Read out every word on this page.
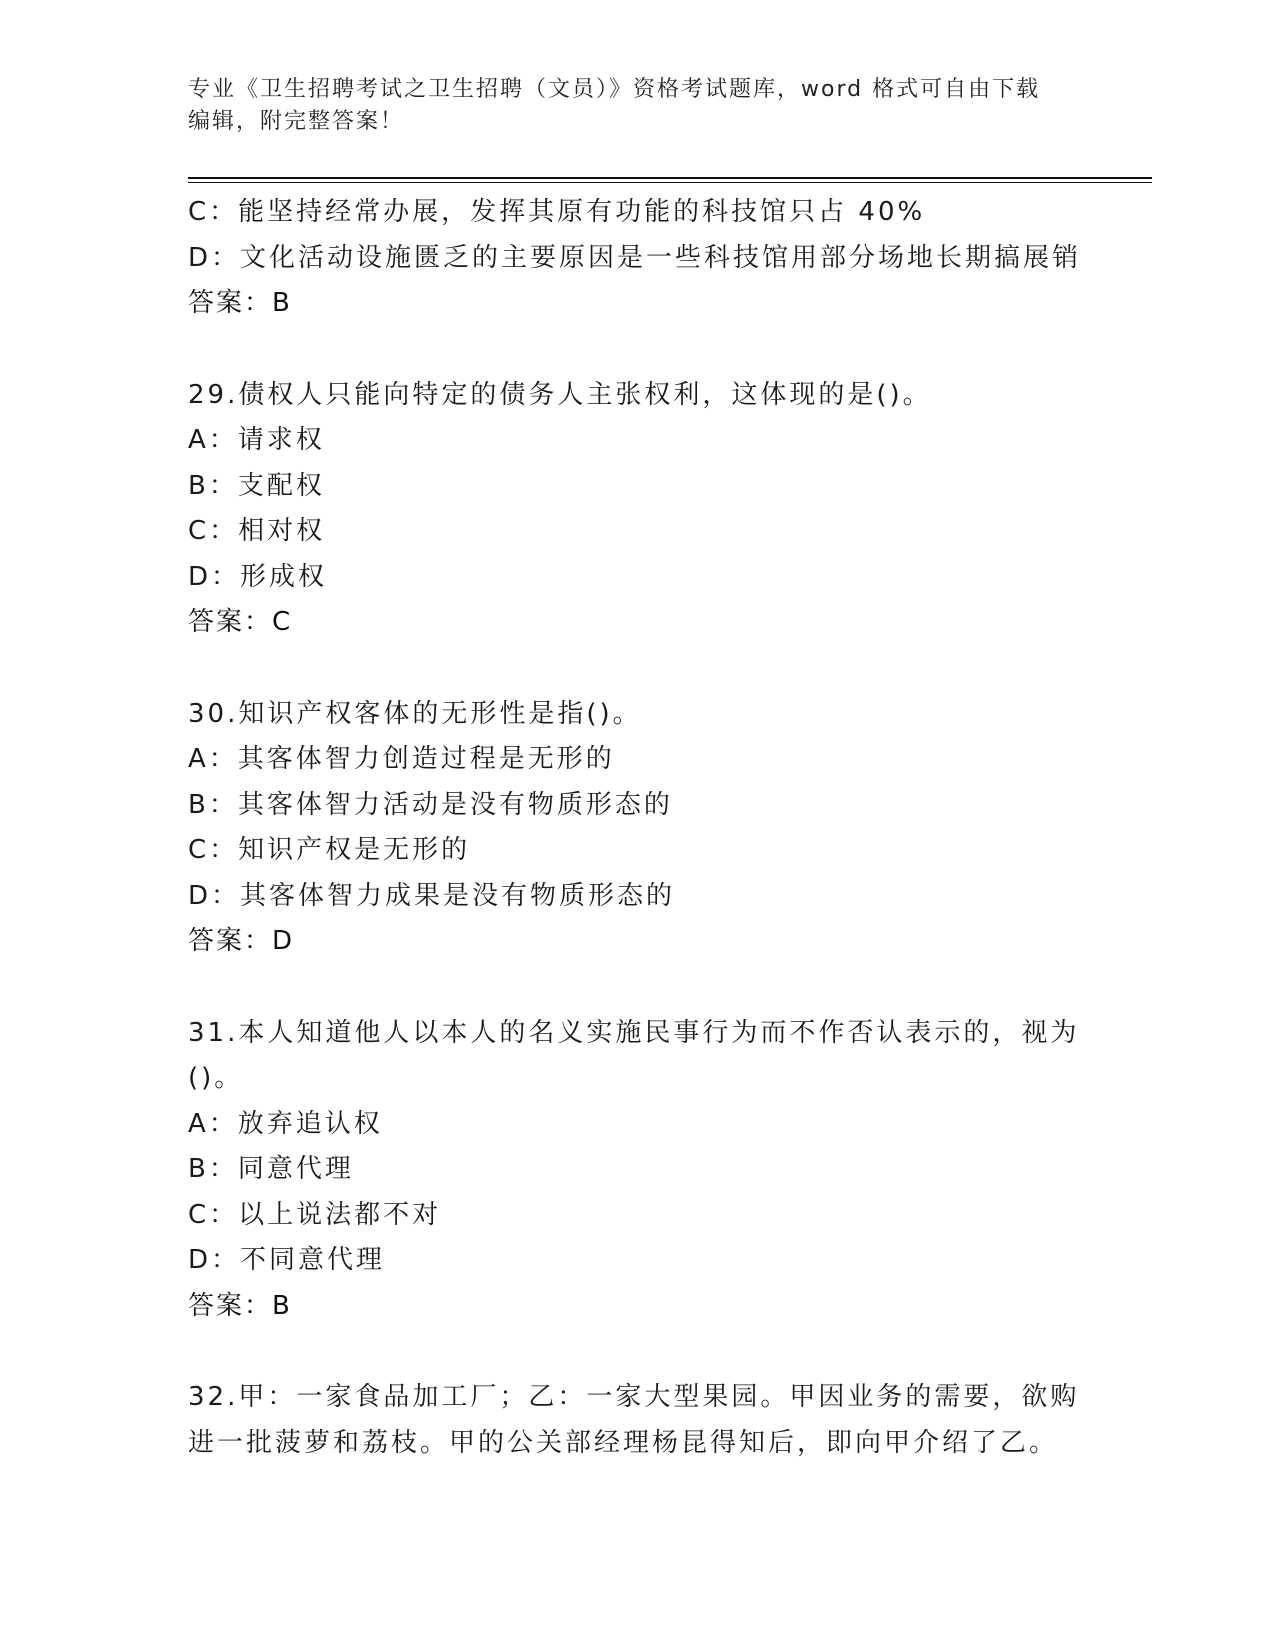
专业《卫生招聘考试之卫生招聘（文员）》资格考试题库，word 格式可自由下载
编辑，附完整答案！
C：能坚持经常办展，发挥其原有功能的科技馆只占 40%
D：文化活动设施匮乏的主要原因是一些科技馆用部分场地长期搞展销
答案：B
29.债权人只能向特定的债务人主张权利，这体现的是()。
A：请求权
B：支配权
C：相对权
D：形成权
答案：C
30.知识产权客体的无形性是指()。
A：其客体智力创造过程是无形的
B：其客体智力活动是没有物质形态的
C：知识产权是无形的
D：其客体智力成果是没有物质形态的
答案：D
31.本人知道他人以本人的名义实施民事行为而不作否认表示的，视为
()。
A：放弃追认权
B：同意代理
C：以上说法都不对
D：不同意代理
答案：B
32.甲：一家食品加工厂；乙：一家大型果园。甲因业务的需要，欲购
进一批菠萝和荔枝。甲的公关部经理杨昆得知后，即向甲介绍了乙。
